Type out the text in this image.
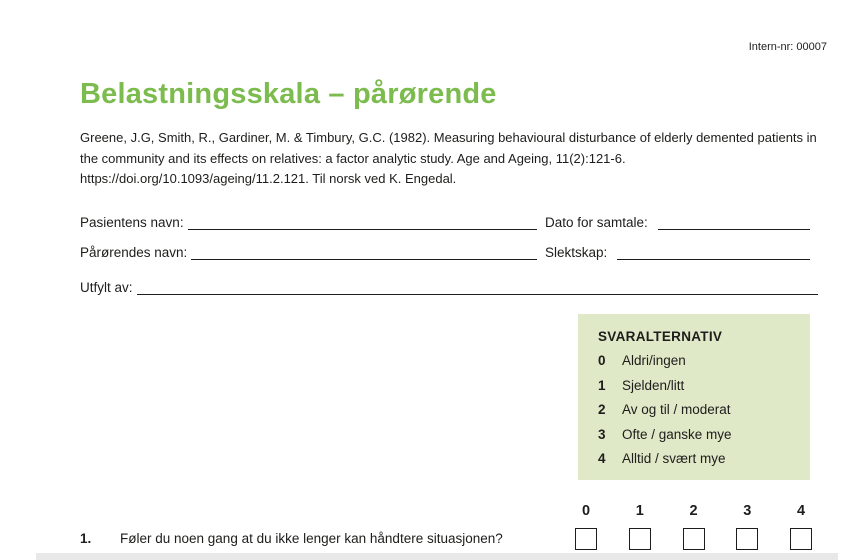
Intern-nr: 00007
Belastningsskala – pårørende

Greene, J.G, Smith, R., Gardiner, M. & Timbury, G.C. (1982). Measuring behavioural disturbance of elderly demented patients in the community and its effects on relatives: a factor analytic study. Age and Ageing, 11(2):121-6. https://doi.org/10.1093/ageing/11.2.121. Til norsk ved K. Engedal.

Pasientens navn:	Dato for samtale:
Pårørendes navn:	Slektskap:
Utfylt av:
SVARALTERNATIV
0	Aldri/ingen
1	Sjelden/litt
2	Av og til / moderat
3	Ofte / ganske mye
4	Alltid / svært mye
0	1	2	3	4
1. Føler du noen gang at du ikke lenger kan håndtere situasjonen?
